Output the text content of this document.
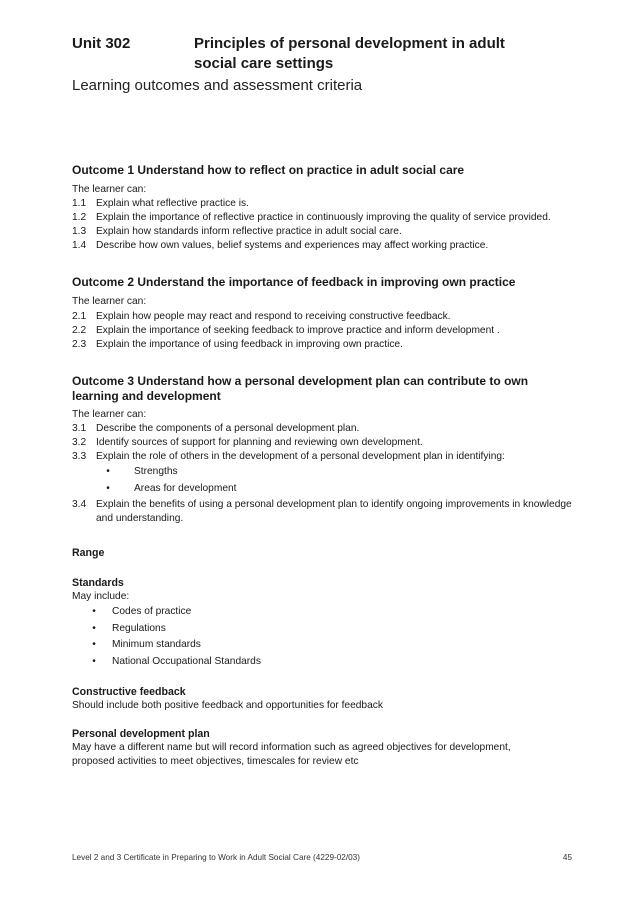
Unit 302	Principles of personal development in adult
social care settings
Learning outcomes and assessment criteria
Outcome 1 Understand how to reflect on practice in adult social care
The learner can:
1.1 Explain what reflective practice is.
1.2 Explain the importance of reflective practice in continuously improving the quality of service provided.
1.3 Explain how standards inform reflective practice in adult social care.
1.4 Describe how own values, belief systems and experiences may affect working practice.
Outcome 2 Understand the importance of feedback in improving own practice
The learner can:
2.1 Explain how people may react and respond to receiving constructive feedback.
2.2 Explain the importance of seeking feedback to improve practice and inform development .
2.3 Explain the importance of using feedback in improving own practice.
Outcome 3 Understand how a personal development plan can contribute to own
learning and development
The learner can:
3.1 Describe the components of a personal development plan.
3.2 Identify sources of support for planning and reviewing own development.
3.3 Explain the role of others in the development of a personal development plan in identifying:
•	Strengths
•	Areas for development
3.4 Explain the benefits of using a personal development plan to identify ongoing improvements in knowledge and understanding.
Range
Standards
May include:
•	Codes of practice
•	Regulations
•	Minimum standards
•	National Occupational Standards
Constructive feedback
Should include both positive feedback and opportunities for feedback
Personal development plan
May have a different name but will record information such as agreed objectives for development,
proposed activities to meet objectives, timescales for review etc
Level 2 and 3 Certificate in Preparing to Work in Adult Social Care (4229-02/03)	45
